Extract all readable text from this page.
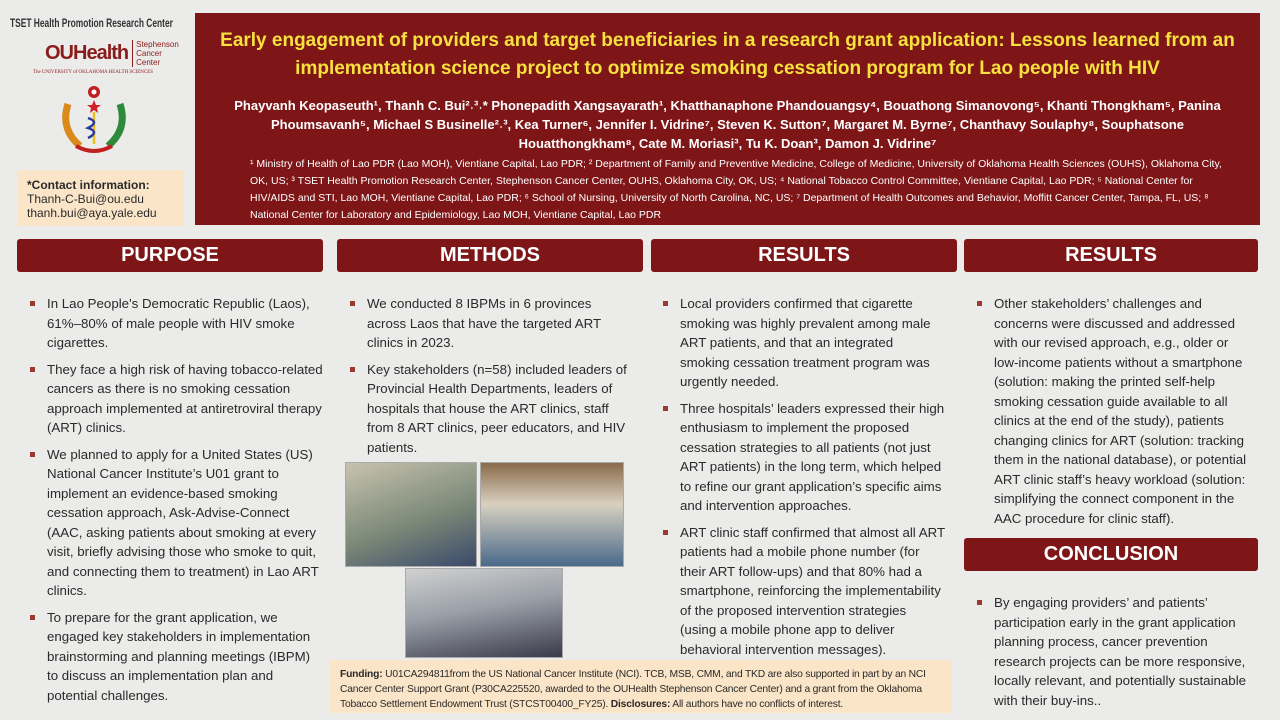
TSET Health Promotion Research Center
OUHealth	Stephenson Cancer Center
The UNIVERSITY of OKLAHOMA HEALTH SCIENCES
*Contact information:
Thanh-C-Bui@ou.edu
thanh.bui@aya.yale.edu
Early engagement of providers and target beneficiaries in a research grant application: Lessons learned from an implementation science project to optimize smoking cessation program for Lao people with HIV
Phayvanh Keopaseuth¹, Thanh C. Bui²˒³˒* Phonepadith Xangsayarath¹, Khatthanaphone Phandouangsy⁴, Bouathong Simanovong⁵, Khanti Thongkham⁵, Panina Phoumsavanh⁵, Michael S Businelle²˒³, Kea Turner⁶, Jennifer I. Vidrine⁷, Steven K. Sutton⁷, Margaret M. Byrne⁷, Chanthavy Soulaphy⁸, Souphatsone Houatthongkham⁸, Cate M. Moriasi³, Tu K. Doan³, Damon J. Vidrine⁷
¹ Ministry of Health of Lao PDR (Lao MOH), Vientiane Capital, Lao PDR; ² Department of Family and Preventive Medicine, College of Medicine, University of Oklahoma Health Sciences (OUHS), Oklahoma City, OK, US; ³ TSET Health Promotion Research Center, Stephenson Cancer Center, OUHS, Oklahoma City, OK, US; ⁴ National Tobacco Control Committee, Vientiane Capital, Lao PDR; ⁵ National Center for HIV/AIDS and STI, Lao MOH, Vientiane Capital, Lao PDR; ⁶ School of Nursing, University of North Carolina, NC, US; ⁷ Department of Health Outcomes and Behavior, Moffitt Cancer Center, Tampa, FL, US; ⁸ National Center for Laboratory and Epidemiology, Lao MOH, Vientiane Capital, Lao PDR
PURPOSE	METHODS	RESULTS	RESULTS
CONCLUSION
In Lao People's Democratic Republic (Laos), 61%–80% of male people with HIV smoke cigarettes.
They face a high risk of having tobacco-related cancers as there is no smoking cessation approach implemented at antiretroviral therapy (ART) clinics.
We planned to apply for a United States (US) National Cancer Institute’s U01 grant to implement an evidence-based smoking cessation approach, Ask-Advise-Connect (AAC, asking patients about smoking at every visit, briefly advising those who smoke to quit, and connecting them to treatment) in Lao ART clinics.
To prepare for the grant application, we engaged key stakeholders in implementation brainstorming and planning meetings (IBPM) to discuss an implementation plan and potential challenges.
We conducted 8 IBPMs in 6 provinces across Laos that have the targeted ART clinics in 2023.
Key stakeholders (n=58) included leaders of Provincial Health Departments, leaders of hospitals that house the ART clinics, staff from 8 ART clinics, peer educators, and HIV patients.
Local providers confirmed that cigarette smoking was highly prevalent among male ART patients, and that an integrated smoking cessation treatment program was urgently needed.
Three hospitals’ leaders expressed their high enthusiasm to implement the proposed cessation strategies to all patients (not just ART patients) in the long term, which helped to refine our grant application’s specific aims and intervention approaches.
ART clinic staff confirmed that almost all ART patients had a mobile phone number (for their ART follow-ups) and that 80% had a smartphone, reinforcing the implementability of the proposed intervention strategies (using a mobile phone app to deliver behavioral intervention messages).
Other stakeholders’ challenges and concerns were discussed and addressed with our revised approach, e.g., older or low-income patients without a smartphone (solution: making the printed self-help smoking cessation guide available to all clinics at the end of the study), patients changing clinics for ART (solution: tracking them in the national database), or potential ART clinic staff’s heavy workload (solution: simplifying the connect component in the AAC procedure for clinic staff).
By engaging providers’ and patients’ participation early in the grant application planning process, cancer prevention research projects can be more responsive, locally relevant, and potentially sustainable with their buy-ins..
Funding: U01CA294811from the US National Cancer Institute (NCI). TCB, MSB, CMM, and TKD are also supported in part by an NCI Cancer Center Support Grant (P30CA225520, awarded to the OUHealth Stephenson Cancer Center) and a grant from the Oklahoma Tobacco Settlement Endowment Trust (STCST00400_FY25). Disclosures: All authors have no conflicts of interest.
